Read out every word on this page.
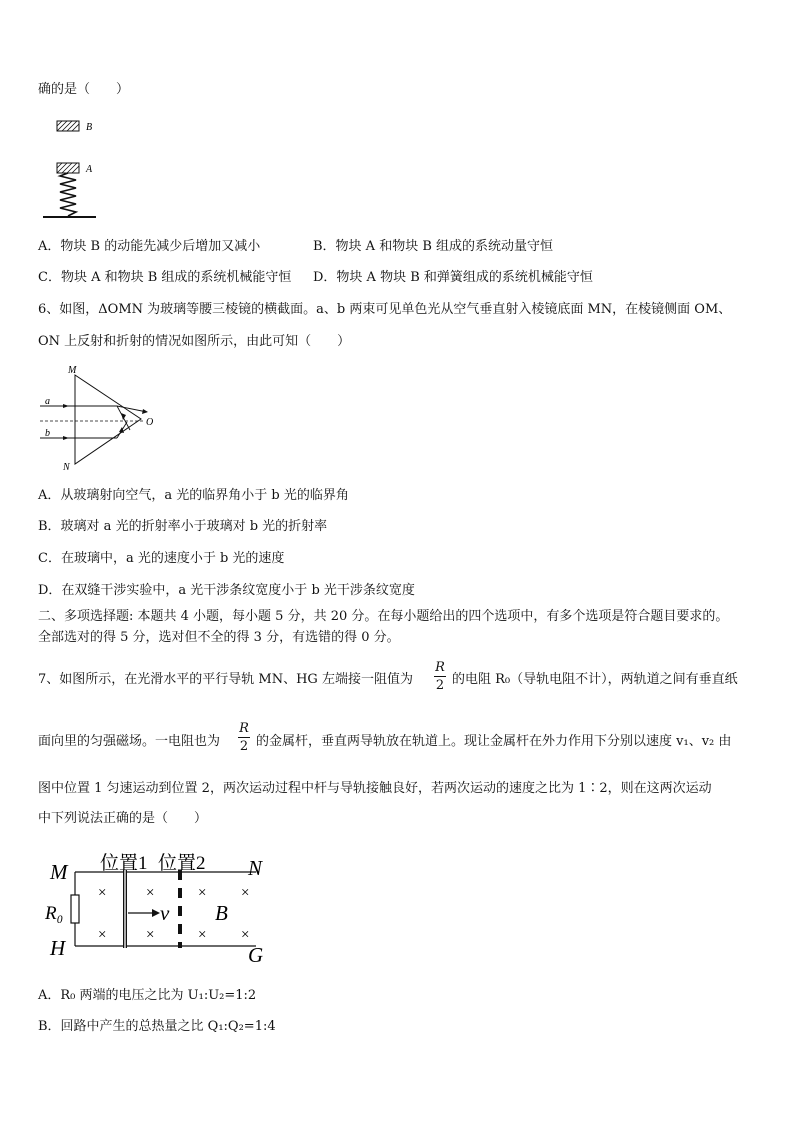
确的是（　　）
B
A
A．物块 B 的动能先减少后增加又减小	B．物块 A 和物块 B 组成的系统动量守恒
C．物块 A 和物块 B 组成的系统机械能守恒 D．物块 A 物块 B 和弹簧组成的系统机械能守恒
6、如图，ΔOMN 为玻璃等腰三棱镜的横截面。a、b 两束可见单色光从空气垂直射入棱镜底面 MN，在棱镜侧面 OM、
ON 上反射和折射的情况如图所示，由此可知（　　）
M
N
O
a
b
A．从玻璃射向空气，a 光的临界角小于 b 光的临界角
B．玻璃对 a 光的折射率小于玻璃对 b 光的折射率
C．在玻璃中，a 光的速度小于 b 光的速度
D．在双缝干涉实验中，a 光干涉条纹宽度小于 b 光干涉条纹宽度
二、多项选择题: 本题共 4 小题，每小题 5 分，共 20 分。在每小题给出的四个选项中，有多个选项是符合题目要求的。
全部选对的得 5 分，选对但不全的得 3 分，有选错的得 0 分。
7、如图所示，在光滑水平的平行导轨 MN、HG 左端接一阻值为
R
2 的电阻 R₀（导轨电阻不计），两轨道之间有垂直纸
面向里的匀强磁场。一电阻也为
R
2 的金属杆，垂直两导轨放在轨道上。现让金属杆在外力作用下分别以速度 v₁、v₂ 由
图中位置 1 匀速运动到位置 2，两次运动过程中杆与导轨接触良好，若两次运动的速度之比为 1∶2，则在这两次运动
中下列说法正确的是（　　）
位置1 位置2
M	N
H	G
R₀	v B
×
×
×
×
×
×
×
×
A．R₀ 两端的电压之比为 U₁:U₂=1:2
B．回路中产生的总热量之比 Q₁:Q₂=1:4
